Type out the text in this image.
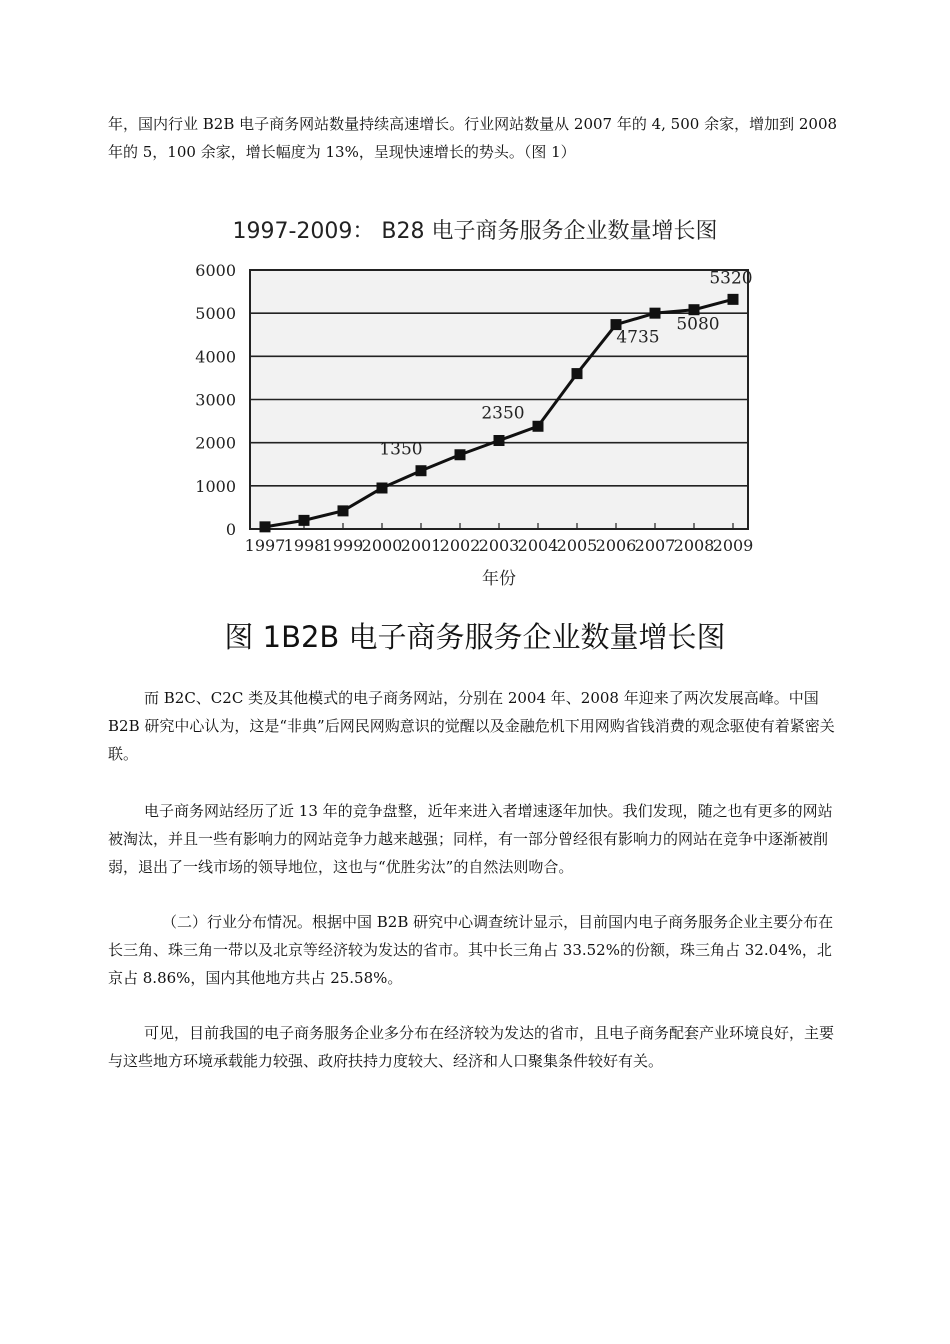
年，国内行业 B2B 电子商务网站数量持续高速增长。行业网站数量从 2007 年的 4, 500 余家，增加到 2008 年的 5，100 余家，增长幅度为 13%，呈现快速增长的势头。（图 1）

1997-2009： B28 电子商务服务企业数量增长图
0
1000
2000
3000
4000
5000
6000
1997
1998
1999
2000
2001
2002
2003
2004
2005
2006
2007
2008
2009
1350
2350
4735
5080
5320
年份
图 1B2B 电子商务服务企业数量增长图

而 B2C、C2C 类及其他模式的电子商务网站，分别在 2004 年、2008 年迎来了两次发展高峰。中国 B2B 研究中心认为，这是“非典”后网民网购意识的觉醒以及金融危机下用网购省钱消费的观念驱使有着紧密关联。

电子商务网站经历了近 13 年的竞争盘整，近年来进入者增速逐年加快。我们发现，随之也有更多的网站被淘汰，并且一些有影响力的网站竞争力越来越强；同样，有一部分曾经很有影响力的网站在竞争中逐渐被削弱，退出了一线市场的领导地位，这也与“优胜劣汰”的自然法则吻合。

（二）行业分布情况。根据中国 B2B 研究中心调查统计显示，目前国内电子商务服务企业主要分布在长三角、珠三角一带以及北京等经济较为发达的省市。其中长三角占 33.52%的份额，珠三角占 32.04%，北京占 8.86%，国内其他地方共占 25.58%。

可见，目前我国的电子商务服务企业多分布在经济较为发达的省市，且电子商务配套产业环境良好，主要与这些地方环境承载能力较强、政府扶持力度较大、经济和人口聚集条件较好有关。
